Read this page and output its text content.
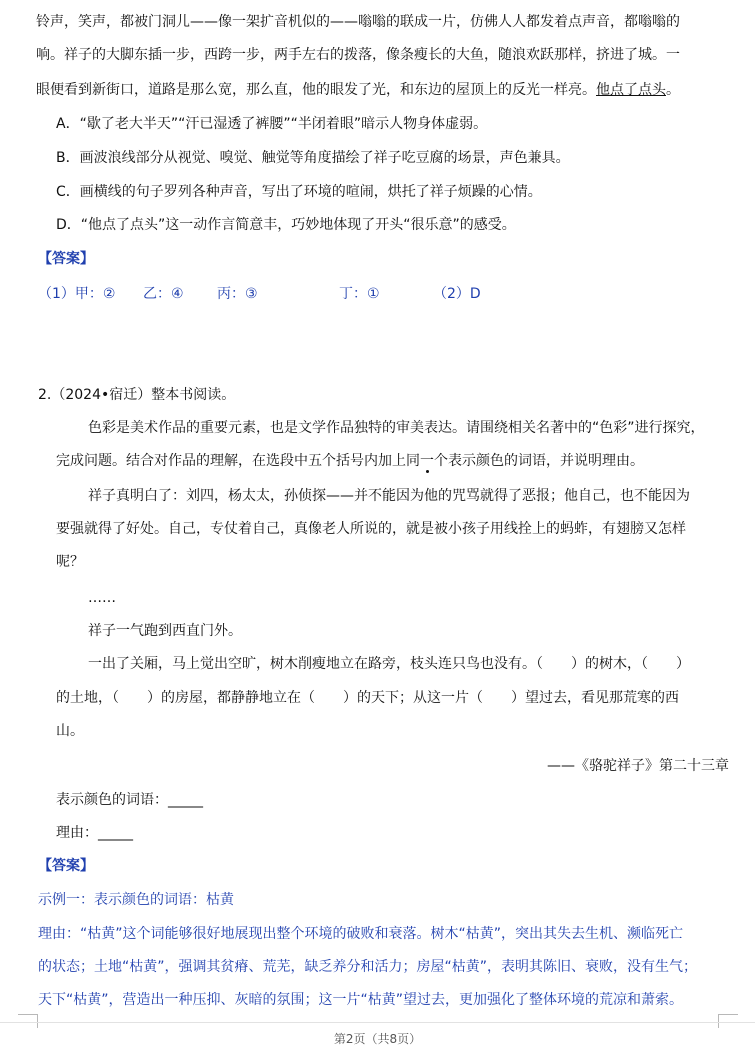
铃声，笑声，都被门洞儿——像一架扩音机似的——嗡嗡的联成一片，仿佛人人都发着点声音，都嗡嗡的
响。祥子的大脚东插一步，西跨一步，两手左右的拨落，像条瘦长的大鱼，随浪欢跃那样，挤进了城。一
眼便看到新街口，道路是那么宽，那么直，他的眼发了光，和东边的屋顶上的反光一样亮。他点了点头。
A．“歇了老大半天”“汗已湿透了裤腰”“半闭着眼”暗示人物身体虚弱。
B．画波浪线部分从视觉、嗅觉、触觉等角度描绘了祥子吃豆腐的场景，声色兼具。
C．画横线的句子罗列各种声音，写出了环境的喧闹，烘托了祥子烦躁的心情。
D．“他点了点头”这一动作言简意丰，巧妙地体现了开头“很乐意”的感受。
【答案】
（1）甲：② 乙：④ 丙：③	丁：①	（2）D
2.（2024•宿迁）整本书阅读。
色彩是美术作品的重要元素，也是文学作品独特的审美表达。请围绕相关名著中的“色彩”进行探究，
完成问题。结合对作品的理解，在选段中五个括号内加上同一个表示颜色的词语，并说明理由。
祥子真明白了：刘四，杨太太，孙侦探——并不能因为他的咒骂就得了恶报；他自己，也不能因为
要强就得了好处。自己，专仗着自己，真像老人所说的，就是被小孩子用线拴上的蚂蚱，有翅膀又怎样
呢？
……
祥子一气跑到西直门外。
一出了关厢，马上觉出空旷，树木削瘦地立在路旁，枝头连只鸟也没有。（　　）的树木，（　　）
的土地，（　　）的房屋，都静静地立在（　　）的天下；从这一片（　　）望过去，看见那荒寒的西
山。
——《骆驼祥子》第二十三章
表示颜色的词语：_____
理由：_____
【答案】
示例一：表示颜色的词语：枯黄
理由：“枯黄”这个词能够很好地展现出整个环境的破败和衰落。树木“枯黄”，突出其失去生机、濒临死亡
的状态；土地“枯黄”，强调其贫瘠、荒芜，缺乏养分和活力；房屋“枯黄”，表明其陈旧、衰败，没有生气；
天下“枯黄”，营造出一种压抑、灰暗的氛围；这一片“枯黄”望过去，更加强化了整体环境的荒凉和萧索。
第2页（共8页）
